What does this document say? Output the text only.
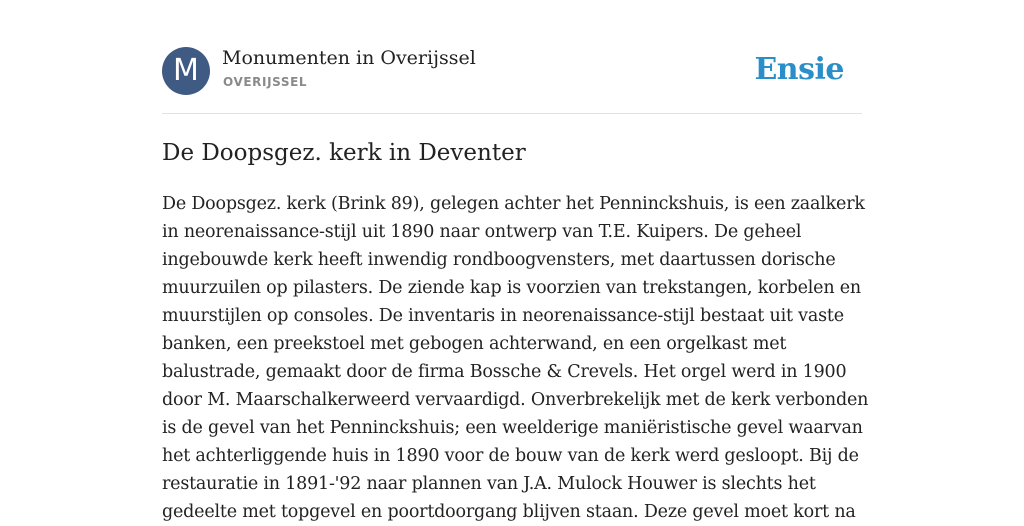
M	Monumenten in Overijssel
OVERIJSSEL	Ensie
De Doopsgez. kerk in Deventer
De Doopsgez. kerk (Brink 89), gelegen achter het Penninckshuis, is een zaalkerk
in neorenaissance-stijl uit 1890 naar ontwerp van T.E. Kuipers. De geheel
ingebouwde kerk heeft inwendig rondboogvensters, met daartussen dorische
muurzuilen op pilasters. De ziende kap is voorzien van trekstangen, korbelen en
muurstijlen op consoles. De inventaris in neorenaissance-stijl bestaat uit vaste
banken, een preekstoel met gebogen achterwand, en een orgelkast met
balustrade, gemaakt door de firma Bossche & Crevels. Het orgel werd in 1900
door M. Maarschalkerweerd vervaardigd. Onverbrekelijk met de kerk verbonden
is de gevel van het Penninckshuis; een weelderige maniëristische gevel waarvan
het achterliggende huis in 1890 voor de bouw van de kerk werd gesloopt. Bij de
restauratie in 1891-'92 naar plannen van J.A. Mulock Houwer is slechts het
gedeelte met topgevel en poortdoorgang blijven staan. Deze gevel moet kort na
